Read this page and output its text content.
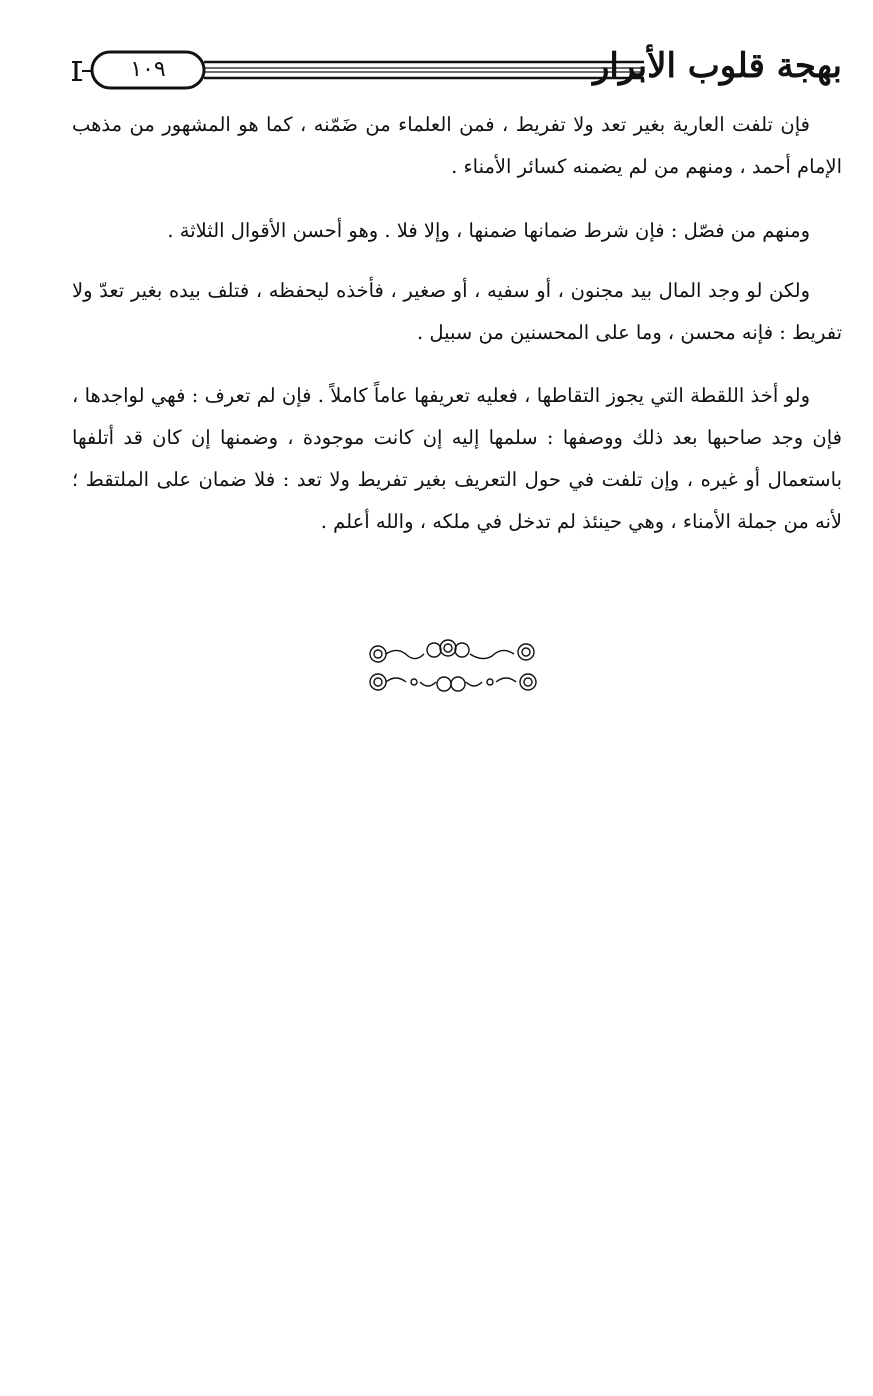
بهجة قلوب الأبرار
١٠٩

فإن تلفت العارية بغير تعد ولا تفريط ، فمن العلماء من ضَمّنه ، كما هو المشهور من مذهب الإمام أحمد ، ومنهم من لم يضمنه كسائر الأمناء .

ومنهم من فصّل : فإن شرط ضمانها ضمنها ، وإلا فلا . وهو أحسن الأقوال الثلاثة .

ولكن لو وجد المال بيد مجنون ، أو سفيه ، أو صغير ، فأخذه ليحفظه ، فتلف بيده بغير تعدّ ولا تفريط : فإنه محسن ، وما على المحسنين من سبيل .

ولو أخذ اللقطة التي يجوز التقاطها ، فعليه تعريفها عاماً كاملاً . فإن لم تعرف : فهي لواجدها ، فإن وجد صاحبها بعد ذلك ووصفها : سلمها إليه إن كانت موجودة ، وضمنها إن كان قد أتلفها باستعمال أو غيره ، وإن تلفت في حول التعريف بغير تفريط ولا تعد : فلا ضمان على الملتقط ؛ لأنه من جملة الأمناء ، وهي حينئذ لم تدخل في ملكه ، والله أعلم .
